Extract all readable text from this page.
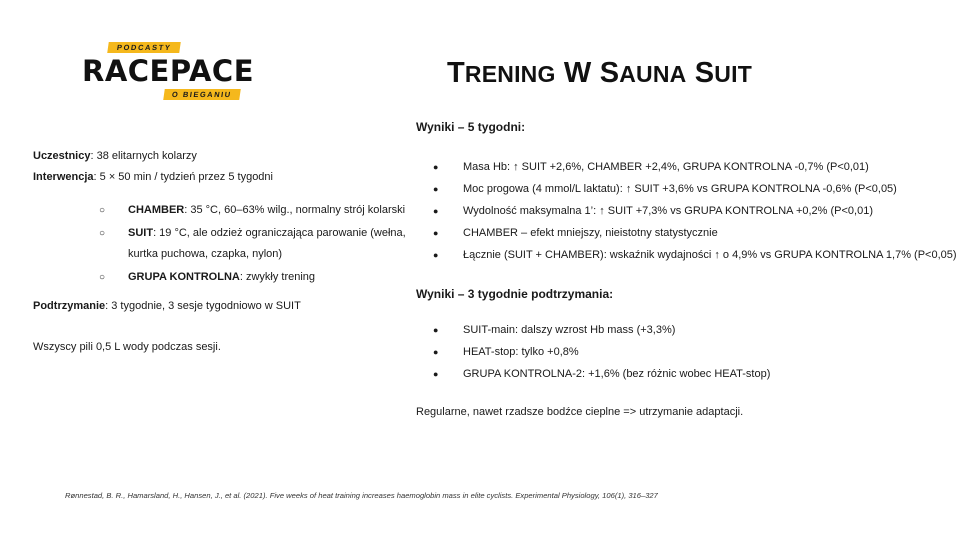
PODCASTY
RACEPACE
O BIEGANIU
TRENING W SAUNA SUIT

Uczestnicy: 38 elitarnych kolarzy

Interwencja: 5 × 50 min / tydzień przez 5 tygodni

○ CHAMBER: 35 °C, 60–63% wilg., normalny strój kolarski
○ SUIT: 19 °C, ale odzież ograniczająca parowanie (wełna, kurtka puchowa, czapka, nylon)
○ GRUPA KONTROLNA: zwykły trening

Podtrzymanie: 3 tygodnie, 3 sesje tygodniowo w SUIT

Wszyscy pili 0,5 L wody podczas sesji.

Wyniki – 5 tygodni:
● Masa Hb: ↑ SUIT +2,6%, CHAMBER +2,4%, GRUPA KONTROLNA -0,7% (P<0,01)
● Moc progowa (4 mmol/L laktatu): ↑ SUIT +3,6% vs GRUPA KONTROLNA -0,6% (P<0,05)
● Wydolność maksymalna 1’: ↑ SUIT +7,3% vs GRUPA KONTROLNA +0,2% (P<0,01)
● CHAMBER – efekt mniejszy, nieistotny statystycznie
● Łącznie (SUIT + CHAMBER): wskaźnik wydajności ↑ o 4,9% vs GRUPA KONTROLNA 1,7% (P<0,05)
Wyniki – 3 tygodnie podtrzymania:
● SUIT-main: dalszy wzrost Hb mass (+3,3%)
● HEAT-stop: tylko +0,8%
● GRUPA KONTROLNA-2: +1,6% (bez różnic wobec HEAT-stop)

Regularne, nawet rzadsze bodźce cieplne => utrzymanie adaptacji.

Rønnestad, B. R., Hamarsland, H., Hansen, J., et al. (2021). Five weeks of heat training increases haemoglobin mass in elite cyclists. Experimental Physiology, 106(1), 316–327
